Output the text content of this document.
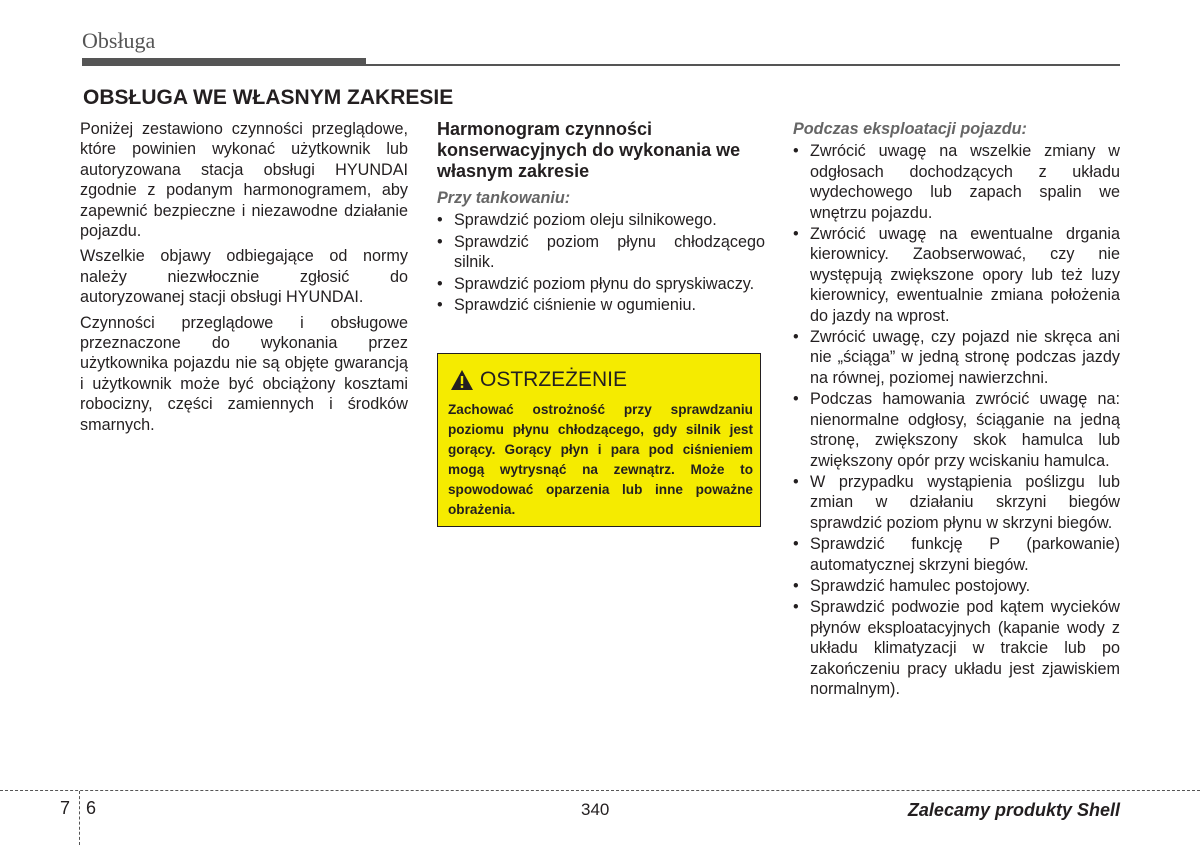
Obsługa
OBSŁUGA WE WŁASNYM ZAKRESIE

Poniżej zestawiono czynności przeglądowe, które powinien wykonać użytkownik lub autoryzowana stacja obsługi HYUNDAI zgodnie z podanym harmonogramem, aby zapewnić bezpieczne i niezawodne działanie pojazdu.

Wszelkie objawy odbiegające od normy należy niezwłocznie zgłosić do autoryzowanej stacji obsługi HYUNDAI.

Czynności przeglądowe i obsługowe przeznaczone do wykonania przez użytkownika pojazdu nie są objęte gwarancją i użytkownik może być obciążony kosztami robocizny, części zamiennych i środków smarnych.

Harmonogram czynności konserwacyjnych do wykonania we własnym zakresie
Przy tankowaniu:
• Sprawdzić poziom oleju silnikowego.
• Sprawdzić poziom płynu chłodzącego silnik.
• Sprawdzić poziom płynu do spryskiwaczy.
• Sprawdzić ciśnienie w ogumieniu.
OSTRZEŻENIE
Zachować ostrożność przy sprawdzaniu poziomu płynu chłodzącego, gdy silnik jest gorący. Gorący płyn i para pod ciśnieniem mogą wytrysnąć na zewnątrz. Może to spowodować oparzenia lub inne poważne obrażenia.
Podczas eksploatacji pojazdu:
• Zwrócić uwagę na wszelkie zmiany w odgłosach dochodzących z układu wydechowego lub zapach spalin we wnętrzu pojazdu.
• Zwrócić uwagę na ewentualne drgania kierownicy. Zaobserwować, czy nie występują zwiększone opory lub też luzy kierownicy, ewentualnie zmiana położenia do jazdy na wprost.
• Zwrócić uwagę, czy pojazd nie skręca ani nie „ściąga” w jedną stronę podczas jazdy na równej, poziomej nawierzchni.
• Podczas hamowania zwrócić uwagę na: nienormalne odgłosy, ściąganie na jedną stronę, zwiększony skok hamulca lub zwiększony opór przy wciskaniu hamulca.
• W przypadku wystąpienia poślizgu lub zmian w działaniu skrzyni biegów sprawdzić poziom płynu w skrzyni biegów.
• Sprawdzić funkcję P (parkowanie) automatycznej skrzyni biegów.
• Sprawdzić hamulec postojowy.
• Sprawdzić podwozie pod kątem wycieków płynów eksploatacyjnych (kapanie wody z układu klimatyzacji w trakcie lub po zakończeniu pracy układu jest zjawiskiem normalnym).
7 6	340	Zalecamy produkty Shell
